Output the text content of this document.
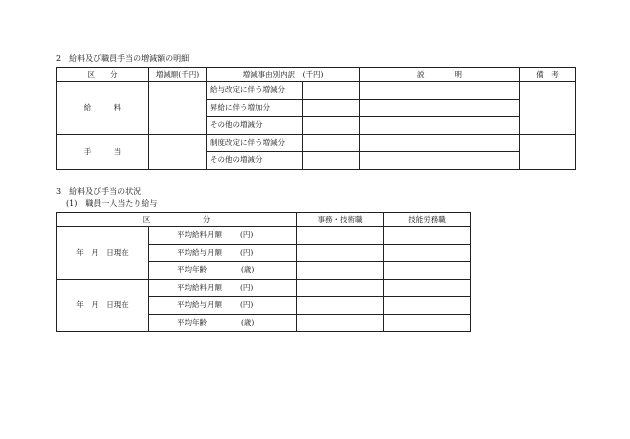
2　給料及び職員手当の増減額の明細
区　　分	増減額(千円)	増減事由別内訳　(千円)		説　　　　明	備　考
給　　　料		給与改定に伴う増減分			
		昇給に伴う増加分			
		その他の増減分			
手　　　当		制度改定に伴う増減分			
		その他の増減分			
3　給料及び手当の状況
(1)　職員一人当たり給与
区　　　　　　　分		事務・技術職	技能労務職
年　月　日現在	平均給料月額 (円)		
	平均給与月額 (円)		
	平均年齢 (歳)		
年　月　日現在	平均給料月額 (円)		
	平均給与月額 (円)		
	平均年齢 (歳)		
